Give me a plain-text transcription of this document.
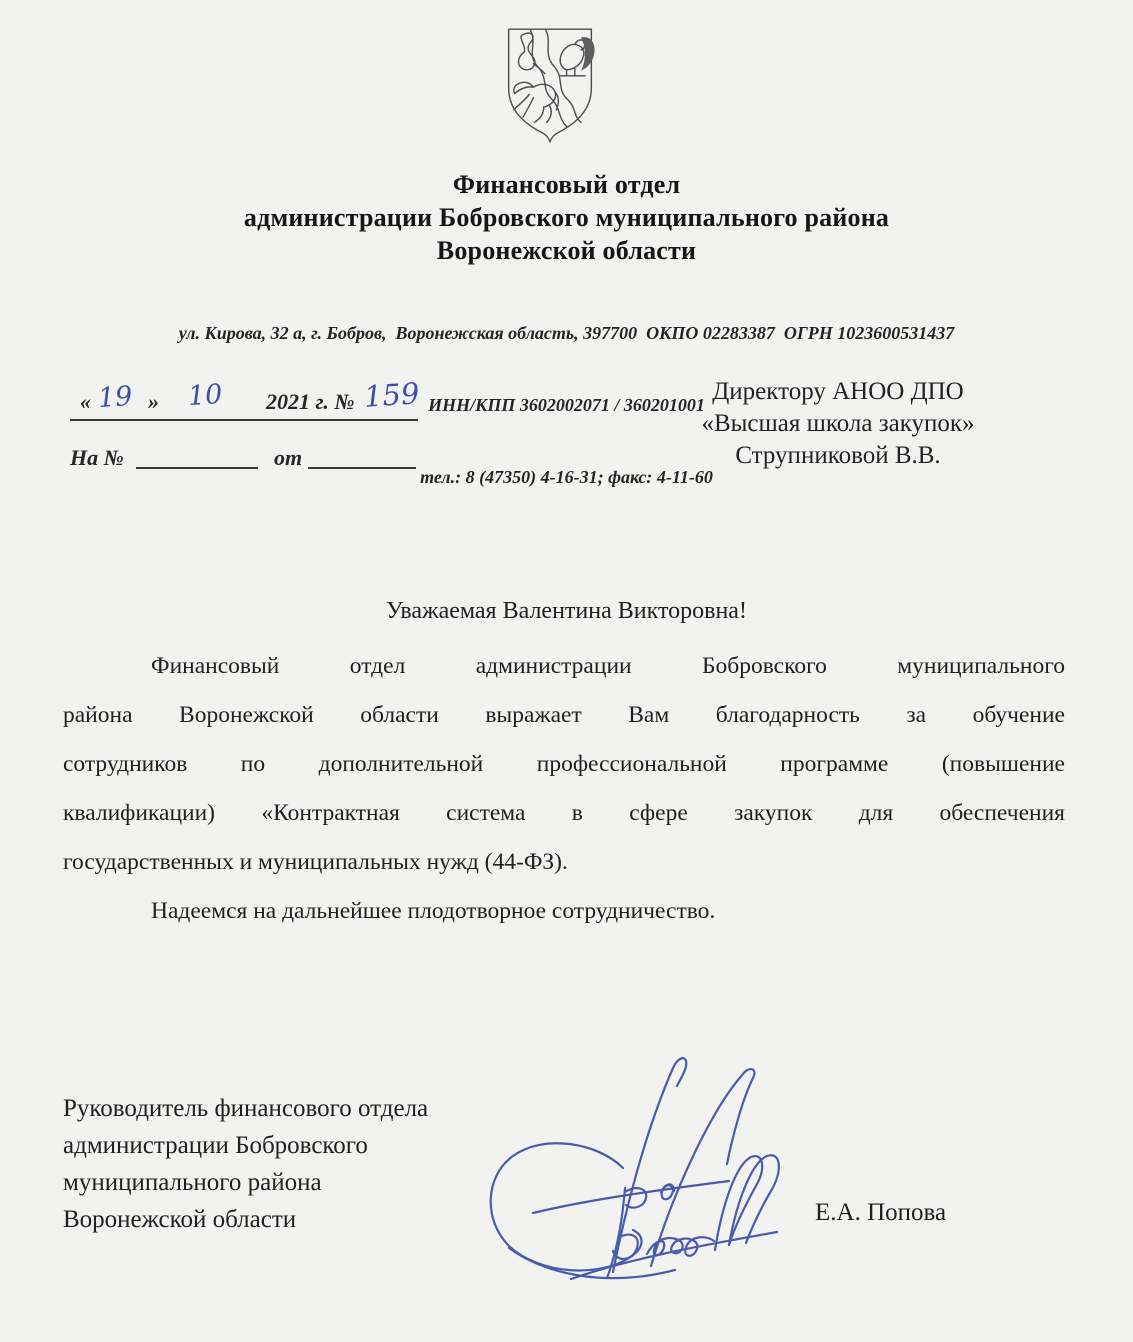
Финансовый отдел
администрации Бобровского муниципального района
Воронежской области

ул. Кирова, 32 а, г. Бобров,  Воронежская область, 397700  ОКПО 02283387  ОГРН 1023600531437

ИНН/КПП 3602002071 / 360201001

тел.: 8 (47350) 4-16-31; факс: 4-11-60

« 19 » 10 2021 г. № 159
На №	от
Директору АНОО ДПО
«Высшая школа закупок»
Струпниковой В.В.
Уважаемая Валентина Викторовна!
Финансовый отдел администрации Бобровского муниципального
района Воронежской области выражает Вам благодарность за обучение
сотрудников по дополнительной профессиональной программе (повышение
квалификации) «Контрактная система в сфере закупок для обеспечения
государственных и муниципальных нужд (44-ФЗ).
Надеемся на дальнейшее плодотворное сотрудничество.
Руководитель финансового отдела
администрации Бобровского
муниципального района
Воронежской области	Е.А. Попова
